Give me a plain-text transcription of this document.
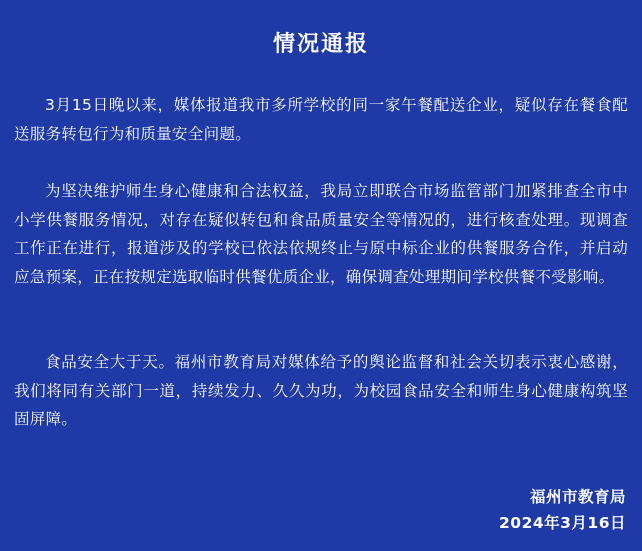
情况通报
3月15日晚以来，媒体报道我市多所学校的同一家午餐配送企业，疑似存在餐食配送服务转包行为和质量安全问题。
为坚决维护师生身心健康和合法权益，我局立即联合市场监管部门加紧排查全市中小学供餐服务情况，对存在疑似转包和食品质量安全等情况的，进行核查处理。现调查工作正在进行，报道涉及的学校已依法依规终止与原中标企业的供餐服务合作，并启动应急预案，正在按规定选取临时供餐优质企业，确保调查处理期间学校供餐不受影响。
食品安全大于天。福州市教育局对媒体给予的舆论监督和社会关切表示衷心感谢，我们将同有关部门一道，持续发力、久久为功，为校园食品安全和师生身心健康构筑坚固屏障。
福州市教育局
2024年3月16日
